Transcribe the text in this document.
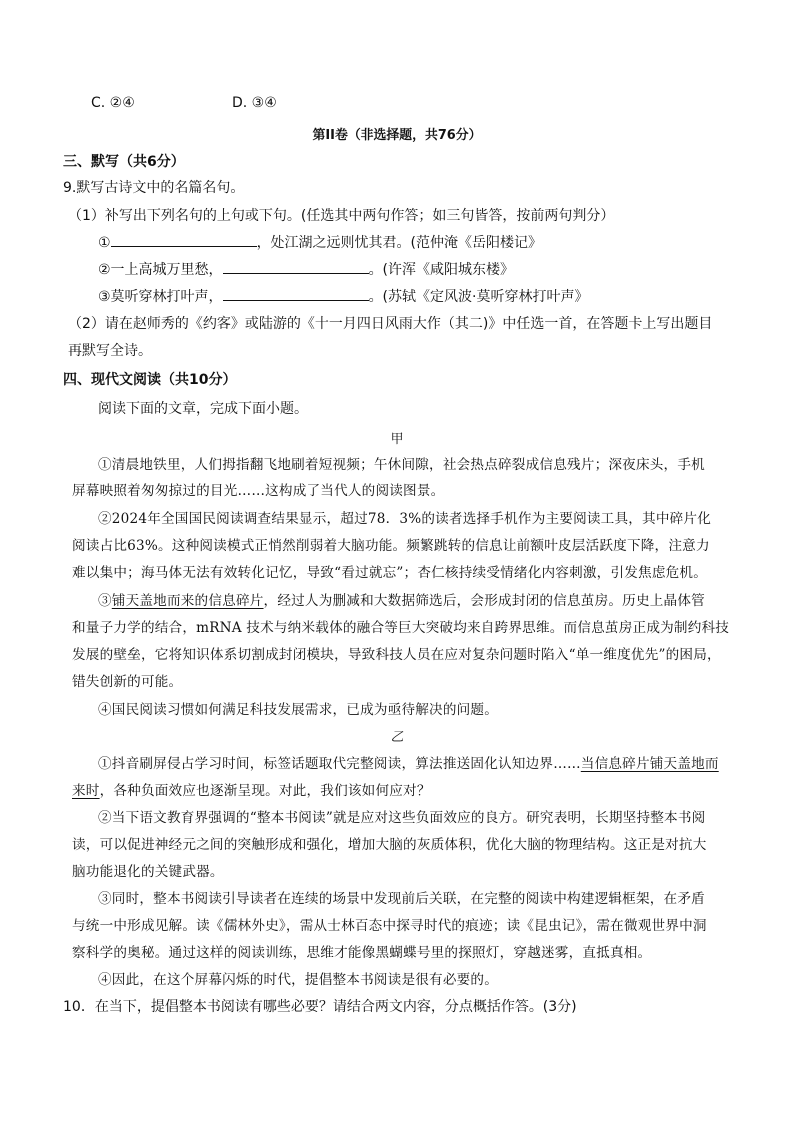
C. ②④	D. ③④
第II卷（非选择题，共76分）
三、默写（共6分）
9.默写古诗文中的名篇名句。
（1）补写出下列名句的上句或下句。(任选其中两句作答；如三句皆答，按前两句判分）
①	，处江湖之远则忧其君。(范仲淹《岳阳楼记》
②一上高城万里愁，	。(许浑《咸阳城东楼》
③莫听穿林打叶声，	。(苏轼《定风波·莫听穿林打叶声》
（2）请在赵师秀的《约客》或陆游的《十一月四日风雨大作（其二)》中任选一首，在答题卡上写出题目
再默写全诗。
四、现代文阅读（共10分）
阅读下面的文章，完成下面小题。
甲
①清晨地铁里，人们拇指翻飞地刷着短视频；午休间隙，社会热点碎裂成信息残片；深夜床头，手机
屏幕映照着匆匆掠过的目光……这构成了当代人的阅读图景。
②2024年全国国民阅读调查结果显示，超过78．3%的读者选择手机作为主要阅读工具，其中碎片化
阅读占比63%。这种阅读模式正悄然削弱着大脑功能。频繁跳转的信息让前额叶皮层活跃度下降，注意力
难以集中；海马体无法有效转化记忆，导致“看过就忘”；杏仁核持续受情绪化内容刺激，引发焦虑危机。
③铺天盖地而来的信息碎片，经过人为删减和大数据筛选后，会形成封闭的信息茧房。历史上晶体管
和量子力学的结合，mRNA 技术与纳米载体的融合等巨大突破均来自跨界思维。而信息茧房正成为制约科技
发展的壁垒，它将知识体系切割成封闭模块，导致科技人员在应对复杂问题时陷入“单一维度优先”的困局，
错失创新的可能。
④国民阅读习惯如何满足科技发展需求，已成为亟待解决的问题。
乙
①抖音刷屏侵占学习时间，标签话题取代完整阅读，算法推送固化认知边界……当信息碎片铺天盖地而
来时，各种负面效应也逐渐呈现。对此，我们该如何应对？
②当下语文教育界强调的“整本书阅读”就是应对这些负面效应的良方。研究表明，长期坚持整本书阅
读，可以促进神经元之间的突触形成和强化，增加大脑的灰质体积，优化大脑的物理结构。这正是对抗大
脑功能退化的关键武器。
③同时，整本书阅读引导读者在连续的场景中发现前后关联，在完整的阅读中构建逻辑框架，在矛盾
与统一中形成见解。读《儒林外史》，需从士林百态中探寻时代的痕迹；读《昆虫记》，需在微观世界中洞
察科学的奥秘。通过这样的阅读训练，思维才能像黑蝴蝶号里的探照灯，穿越迷雾，直抵真相。
④因此，在这个屏幕闪烁的时代，提倡整本书阅读是很有必要的。
10．在当下，提倡整本书阅读有哪些必要？请结合两文内容，分点概括作答。(3分)
